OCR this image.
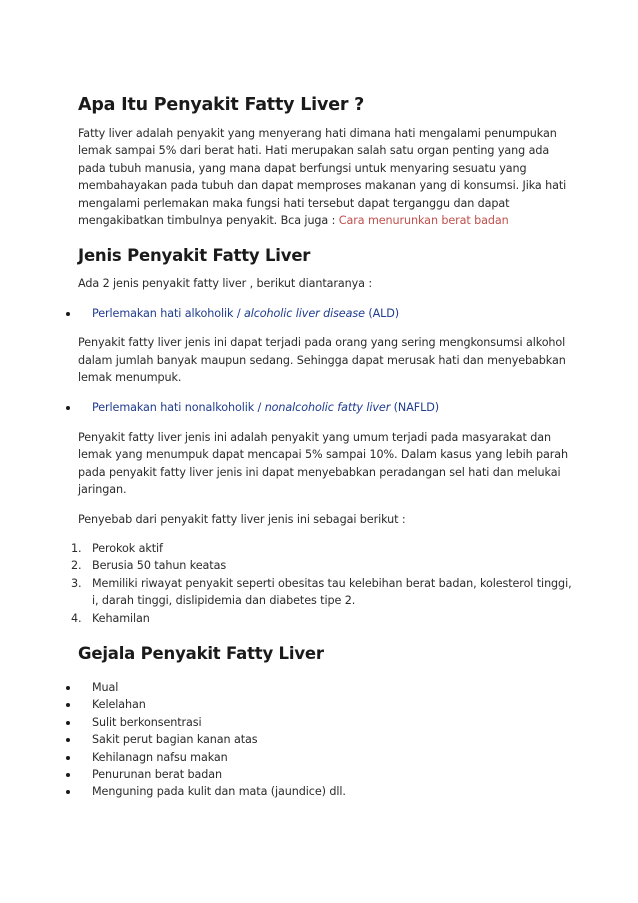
Apa Itu Penyakit Fatty Liver ?

Fatty liver adalah penyakit yang menyerang hati dimana hati mengalami penumpukan lemak sampai 5% dari berat hati. Hati merupakan salah satu organ penting yang ada pada tubuh manusia, yang mana dapat berfungsi untuk menyaring sesuatu yang membahayakan pada tubuh dan dapat memproses makanan yang di konsumsi. Jika hati mengalami perlemakan maka fungsi hati tersebut dapat terganggu dan dapat mengakibatkan timbulnya penyakit. Bca juga : Cara menurunkan berat badan

Jenis Penyakit Fatty Liver

Ada 2 jenis penyakit fatty liver , berikut diantaranya :

Perlemakan hati alkoholik / alcoholic liver disease (ALD)

Penyakit fatty liver jenis ini dapat terjadi pada orang yang sering mengkonsumsi alkohol dalam jumlah banyak maupun sedang. Sehingga dapat merusak hati dan menyebabkan lemak menumpuk.

Perlemakan hati nonalkoholik / nonalcoholic fatty liver (NAFLD)

Penyakit fatty liver jenis ini adalah penyakit yang umum terjadi pada masyarakat dan lemak yang menumpuk dapat mencapai 5% sampai 10%. Dalam kasus yang lebih parah pada penyakit fatty liver jenis ini dapat menyebabkan peradangan sel hati dan melukai jaringan.

Penyebab dari penyakit fatty liver jenis ini sebagai berikut :

1. Perokok aktif
2. Berusia 50 tahun keatas
3. Memiliki riwayat penyakit seperti obesitas tau kelebihan berat badan, kolesterol tinggi, i, darah tinggi, dislipidemia dan diabetes tipe 2.
4. Kehamilan
Gejala Penyakit Fatty Liver
Mual
Kelelahan
Sulit berkonsentrasi
Sakit perut bagian kanan atas
Kehilanagn nafsu makan
Penurunan berat badan
Menguning pada kulit dan mata (jaundice) dll.
